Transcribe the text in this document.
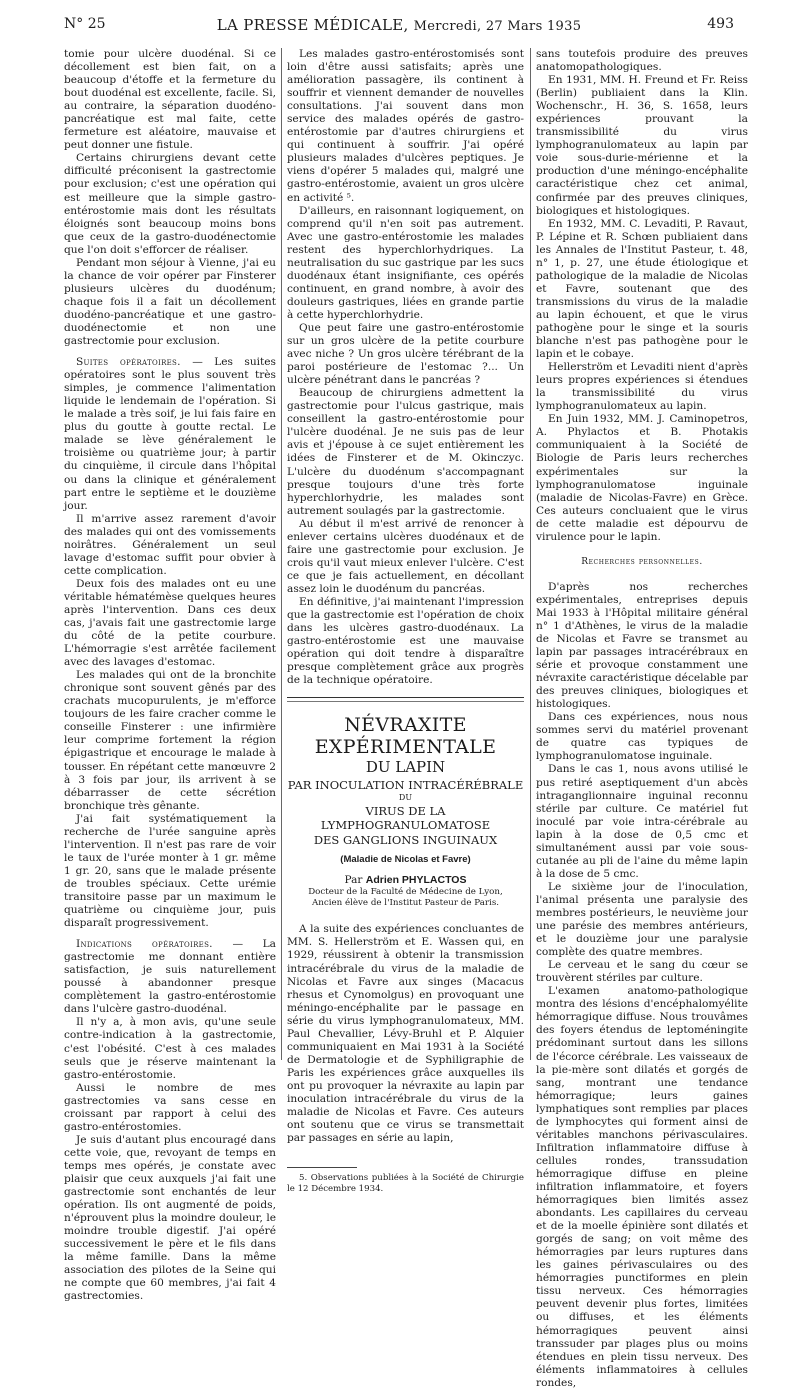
N° 25	LA PRESSE MÉDICALE, Mercredi, 27 Mars 1935	493

tomie pour ulcère duodénal. Si ce décollement est bien fait, on a beaucoup d'étoffe et la fermeture du bout duodénal est excellente, facile. Si, au contraire, la séparation duodéno-pancréatique est mal faite, cette fermeture est aléatoire, mauvaise et peut donner une fistule.

Certains chirurgiens devant cette difficulté préconisent la gastrectomie pour exclusion; c'est une opération qui est meilleure que la simple gastro-entérostomie mais dont les résultats éloignés sont beaucoup moins bons que ceux de la gastro-duodénectomie que l'on doit s'efforcer de réaliser.

Pendant mon séjour à Vienne, j'ai eu la chance de voir opérer par Finsterer plusieurs ulcères du duodénum; chaque fois il a fait un décollement duodéno-pancréatique et une gastro-duodénectomie et non une gastrectomie pour exclusion.

Suites opératoires. — Les suites opératoires sont le plus souvent très simples, je commence l'alimentation liquide le lendemain de l'opération. Si le malade a très soif, je lui fais faire en plus du goutte à goutte rectal. Le malade se lève généralement le troisième ou quatrième jour; à partir du cinquième, il circule dans l'hôpital ou dans la clinique et généralement part entre le septième et le douzième jour.

Il m'arrive assez rarement d'avoir des malades qui ont des vomissements noirâtres. Généralement un seul lavage d'estomac suffit pour obvier à cette complication.

Deux fois des malades ont eu une véritable hématémèse quelques heures après l'intervention. Dans ces deux cas, j'avais fait une gastrectomie large du côté de la petite courbure. L'hémorragie s'est arrêtée facilement avec des lavages d'estomac.

Les malades qui ont de la bronchite chronique sont souvent gênés par des crachats mucopurulents, je m'efforce toujours de les faire cracher comme le conseille Finsterer : une infirmière leur comprime fortement la région épigastrique et encourage le malade à tousser. En répétant cette manœuvre 2 à 3 fois par jour, ils arrivent à se débarrasser de cette sécrétion bronchique très gênante.

J'ai fait systématiquement la recherche de l'urée sanguine après l'intervention. Il n'est pas rare de voir le taux de l'urée monter à 1 gr. même 1 gr. 20, sans que le malade présente de troubles spéciaux. Cette urémie transitoire passe par un maximum le quatrième ou cinquième jour, puis disparaît progressivement.

Indications opératoires. — La gastrectomie me donnant entière satisfaction, je suis naturellement poussé à abandonner presque complètement la gastro-entérostomie dans l'ulcère gastro-duodénal.

Il n'y a, à mon avis, qu'une seule contre-indication à la gastrectomie, c'est l'obésité. C'est à ces malades seuls que je réserve maintenant la gastro-entérostomie.

Aussi le nombre de mes gastrectomies va sans cesse en croissant par rapport à celui des gastro-entérostomies.

Je suis d'autant plus encouragé dans cette voie, que, revoyant de temps en temps mes opérés, je constate avec plaisir que ceux auxquels j'ai fait une gastrectomie sont enchantés de leur opération. Ils ont augmenté de poids, n'éprouvent plus la moindre douleur, le moindre trouble digestif. J'ai opéré successivement le père et le fils dans la même famille. Dans la même association des pilotes de la Seine qui ne compte que 60 membres, j'ai fait 4 gastrectomies.

Les malades gastro-entérostomisés sont loin d'être aussi satisfaits; après une amélioration passagère, ils continent à souffrir et viennent demander de nouvelles consultations. J'ai souvent dans mon service des malades opérés de gastro-entérostomie par d'autres chirurgiens et qui continuent à souffrir. J'ai opéré plusieurs malades d'ulcères peptiques. Je viens d'opérer 5 malades qui, malgré une gastro-entérostomie, avaient un gros ulcère en activité ⁵.

D'ailleurs, en raisonnant logiquement, on comprend qu'il n'en soit pas autrement. Avec une gastro-entérostomie les malades restent des hyperchlorhydriques. La neutralisation du suc gastrique par les sucs duodénaux étant insignifiante, ces opérés continuent, en grand nombre, à avoir des douleurs gastriques, liées en grande partie à cette hyperchlorhydrie.

Que peut faire une gastro-entérostomie sur un gros ulcère de la petite courbure avec niche ? Un gros ulcère térébrant de la paroi postérieure de l'estomac ?... Un ulcère pénétrant dans le pancréas ?

Beaucoup de chirurgiens admettent la gastrectomie pour l'ulcus gastrique, mais conseillent la gastro-entérostomie pour l'ulcère duodénal. Je ne suis pas de leur avis et j'épouse à ce sujet entièrement les idées de Finsterer et de M. Okinczyc. L'ulcère du duodénum s'accompagnant presque toujours d'une très forte hyperchlorhydrie, les malades sont autrement soulagés par la gastrectomie.

Au début il m'est arrivé de renoncer à enlever certains ulcères duodénaux et de faire une gastrectomie pour exclusion. Je crois qu'il vaut mieux enlever l'ulcère. C'est ce que je fais actuellement, en décollant assez loin le duodénum du pancréas.

En définitive, j'ai maintenant l'impression que la gastrectomie est l'opération de choix dans les ulcères gastro-duodénaux. La gastro-entérostomie est une mauvaise opération qui doit tendre à disparaître presque complètement grâce aux progrès de la technique opératoire.

NÉVRAXITE EXPÉRIMENTALE
DU LAPIN
PAR INOCULATION INTRACÉRÉBRALE
DU
VIRUS DE LA LYMPHOGRANULOMATOSE
DES GANGLIONS INGUINAUX
(Maladie de Nicolas et Favre)
Par Adrien PHYLACTOS
Docteur de la Faculté de Médecine de Lyon,
Ancien élève de l'Institut Pasteur de Paris.

A la suite des expériences concluantes de MM. S. Hellerström et E. Wassen qui, en 1929, réussirent à obtenir la transmission intracérébrale du virus de la maladie de Nicolas et Favre aux singes (Macacus rhesus et Cynomolgus) en provoquant une méningo-encéphalite par le passage en série du virus lymphogranulomateux, MM. Paul Chevallier, Lévy-Bruhl et P. Alquier communiquaient en Mai 1931 à la Société de Dermatologie et de Syphiligraphie de Paris les expériences grâce auxquelles ils ont pu provoquer la névraxite au lapin par inoculation intracérébrale du virus de la maladie de Nicolas et Favre. Ces auteurs ont soutenu que ce virus se transmettait par passages en série au lapin,

5. Observations publiées à la Société de Chirurgie le 12 Décembre 1934.

sans toutefois produire des preuves anatomopathologiques.

En 1931, MM. H. Freund et Fr. Reiss (Berlin) publiaient dans la Klin. Wochenschr., H. 36, S. 1658, leurs expériences prouvant la transmissibilité du virus lymphogranulomateux au lapin par voie sous-durie-mérienne et la production d'une méningo-encéphalite caractéristique chez cet animal, confirmée par des preuves cliniques, biologiques et histologiques.

En 1932, MM. C. Levaditi, P. Ravaut, P. Lépine et R. Schœn publiaient dans les Annales de l'Institut Pasteur, t. 48, n° 1, p. 27, une étude étiologique et pathologique de la maladie de Nicolas et Favre, soutenant que des transmissions du virus de la maladie au lapin échouent, et que le virus pathogène pour le singe et la souris blanche n'est pas pathogène pour le lapin et le cobaye.

Hellerström et Levaditi nient d'après leurs propres expériences si étendues la transmissibilité du virus lymphogranulomateux au lapin.

En Juin 1932, MM. J. Caminopetros, A. Phylactos et B. Photakis communiquaient à la Société de Biologie de Paris leurs recherches expérimentales sur la lymphogranulomatose inguinale (maladie de Nicolas-Favre) en Grèce. Ces auteurs concluaient que le virus de cette maladie est dépourvu de virulence pour le lapin.

Recherches personnelles.

D'après nos recherches expérimentales, entreprises depuis Mai 1933 à l'Hôpital militaire général n° 1 d'Athènes, le virus de la maladie de Nicolas et Favre se transmet au lapin par passages intracérébraux en série et provoque constamment une névraxite caractéristique décelable par des preuves cliniques, biologiques et histologiques.

Dans ces expériences, nous nous sommes servi du matériel provenant de quatre cas typiques de lymphogranulomatose inguinale.

Dans le cas 1, nous avons utilisé le pus retiré aseptiquement d'un abcès intraganglionnaire inguinal reconnu stérile par culture. Ce matériel fut inoculé par voie intra-cérébrale au lapin à la dose de 0,5 cmc et simultanément aussi par voie sous-cutanée au pli de l'aine du même lapin à la dose de 5 cmc.

Le sixième jour de l'inoculation, l'animal présenta une paralysie des membres postérieurs, le neuvième jour une parésie des membres antérieurs, et le douzième jour une paralysie complète des quatre membres.

Le cerveau et le sang du cœur se trouvèrent stériles par culture.

L'examen anatomo-pathologique montra des lésions d'encéphalomyélite hémorragique diffuse. Nous trouvâmes des foyers étendus de leptoméningite prédominant surtout dans les sillons de l'écorce cérébrale. Les vaisseaux de la pie-mère sont dilatés et gorgés de sang, montrant une tendance hémorragique; leurs gaines lymphatiques sont remplies par places de lymphocytes qui forment ainsi de véritables manchons périvasculaires. Infiltration inflammatoire diffuse à cellules rondes, transsudation hémorragique diffuse en pleine infiltration inflammatoire, et foyers hémorragiques bien limités assez abondants. Les capillaires du cerveau et de la moelle épinière sont dilatés et gorgés de sang; on voit même des hémorragies par leurs ruptures dans les gaines périvasculaires ou des hémorragies punctiformes en plein tissu nerveux. Ces hémorragies peuvent devenir plus fortes, limitées ou diffuses, et les éléments hémorragiques peuvent ainsi transsuder par plages plus ou moins étendues en plein tissu nerveux. Des éléments inflammatoires à cellules rondes,
